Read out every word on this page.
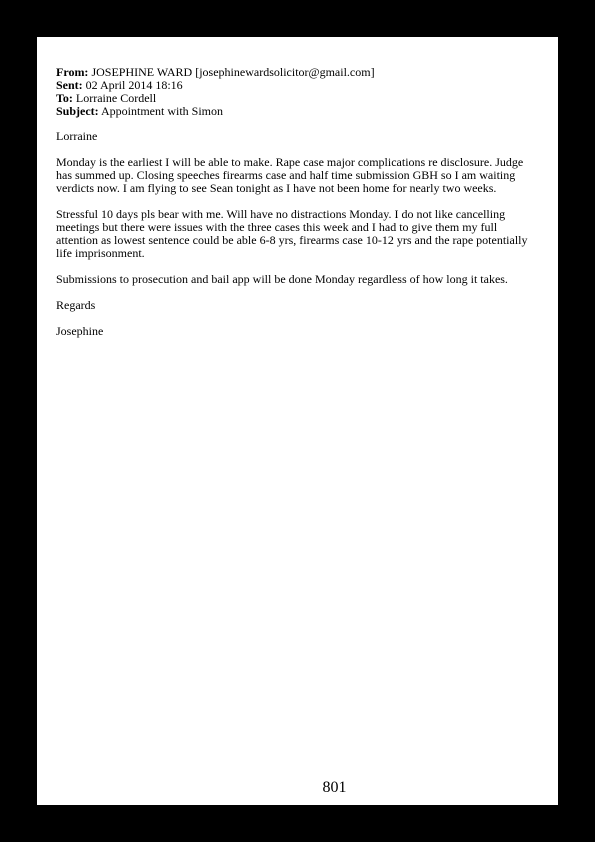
From: JOSEPHINE WARD [josephinewardsolicitor@gmail.com]

Sent: 02 April 2014 18:16

To: Lorraine Cordell

Subject: Appointment with Simon

Lorraine

Monday is the earliest I will be able to make. Rape case major complications re disclosure. Judge has summed up. Closing speeches firearms case and half time submission GBH so I am waiting verdicts now. I am flying to see Sean tonight as I have not been home for nearly two weeks.

Stressful 10 days pls bear with me. Will have no distractions Monday. I do not like cancelling meetings but there were issues with the three cases this week and I had to give them my full attention as lowest sentence could be able 6-8 yrs, firearms case 10-12 yrs and the rape potentially life imprisonment.

Submissions to prosecution and bail app will be done Monday regardless of how long it takes.

Regards

Josephine

801
